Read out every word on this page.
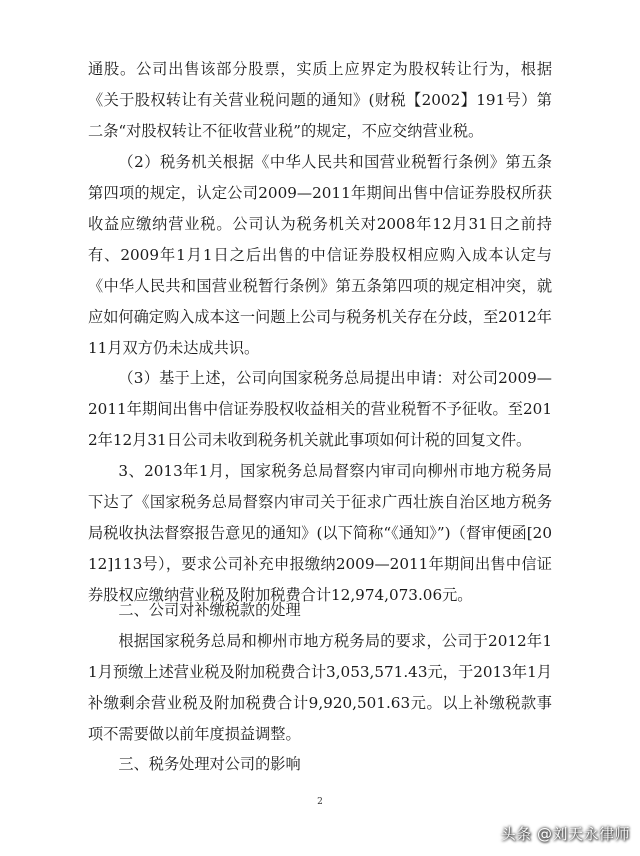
通股。公司出售该部分股票，实质上应界定为股权转让行为，根据《关于股权转让有关营业税问题的通知》(财税【2002】191号）第二条“对股权转让不征收营业税”的规定，不应交纳营业税。

（2）税务机关根据《中华人民共和国营业税暂行条例》第五条第四项的规定，认定公司2009—2011年期间出售中信证券股权所获收益应缴纳营业税。公司认为税务机关对2008年12月31日之前持有、2009年1月1日之后出售的中信证券股权相应购入成本认定与《中华人民共和国营业税暂行条例》第五条第四项的规定相冲突，就应如何确定购入成本这一问题上公司与税务机关存在分歧，至2012年11月双方仍未达成共识。

（3）基于上述，公司向国家税务总局提出申请：对公司2009—2011年期间出售中信证券股权收益相关的营业税暂不予征收。至2012年12月31日公司未收到税务机关就此事项如何计税的回复文件。

3、2013年1月，国家税务总局督察内审司向柳州市地方税务局下达了《国家税务总局督察内审司关于征求广西壮族自治区地方税务局税收执法督察报告意见的通知》(以下简称“《通知》”)（督审便函[2012]113号），要求公司补充申报缴纳2009—2011年期间出售中信证券股权应缴纳营业税及附加税费合计12,974,073.06元。

二、公司对补缴税款的处理

根据国家税务总局和柳州市地方税务局的要求，公司于2012年11月预缴上述营业税及附加税费合计3,053,571.43元，于2013年1月补缴剩余营业税及附加税费合计9,920,501.63元。以上补缴税款事项不需要做以前年度损益调整。

三、税务处理对公司的影响

2
头条 @刘天永律师
